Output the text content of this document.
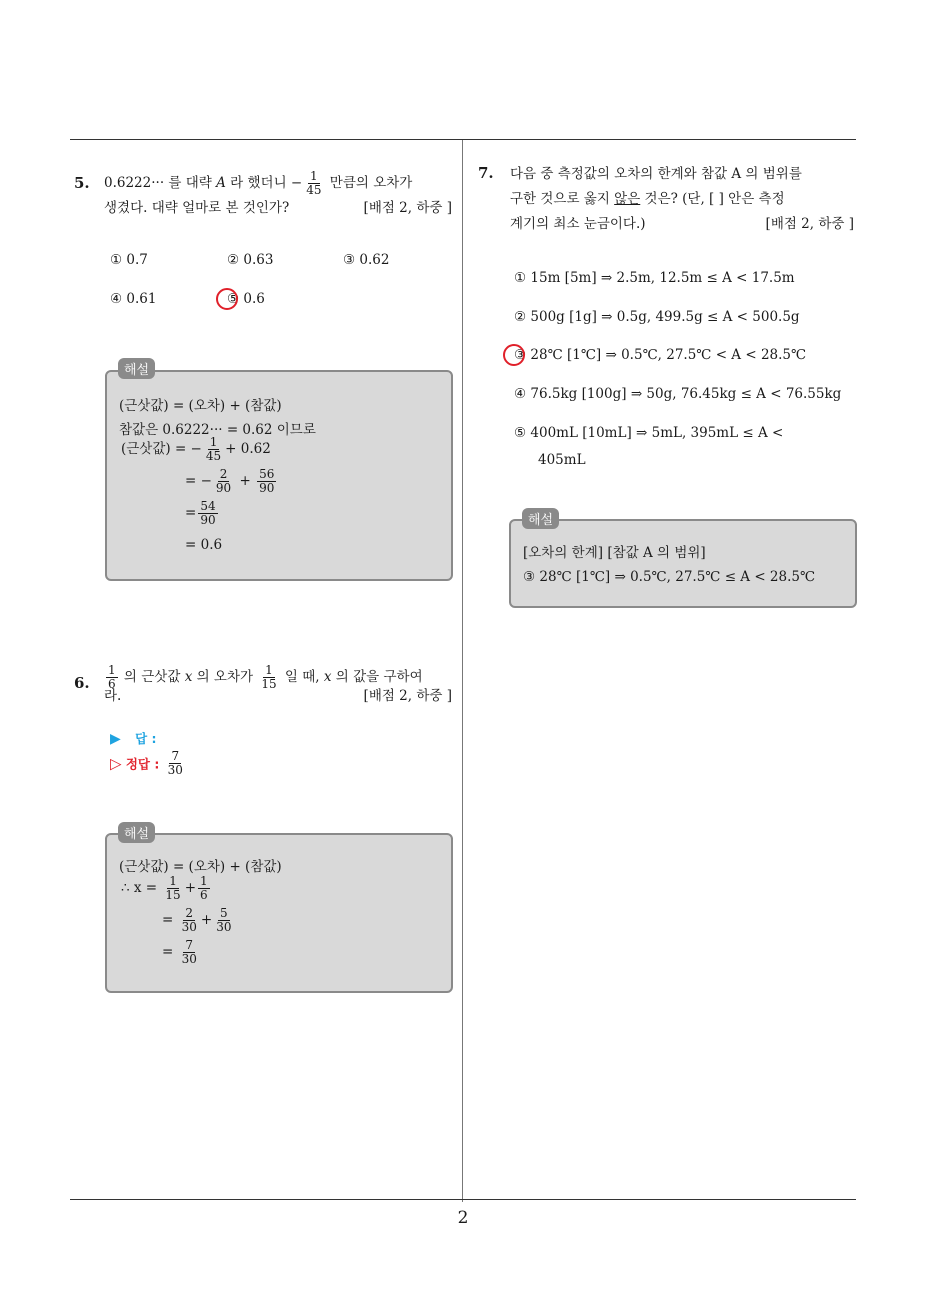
2
5. 0.6222··· 를 대략 A 라 했더니 − $\frac{1}{45}$ 만큼의 오차가
생겼다. 대략 얼마로 본 것인가?	[배점 2, 하중 ]
① 0.7	② 0.63	③ 0.62
④ 0.61	⑤ 0.6
(근삿값) = (오차) + (참값)
참값은 0.6222··· = 0.62̇ 이므로
(근삿값) = − $\frac{1}{45}$ + 0.62̇
= − $\frac{2}{90} + \frac{56}{90}$
= $\frac{54}{90}$
= 0.6
해설
6. $\frac{1}{6}$ 의 근삿값 x 의 오차가 $\frac{1}{15}$ 일 때, x 의 값을 구하여
라.	[배점 2, 하중 ]
▶ 답 :
▷ 정답 : $\frac{7}{30}$
(근삿값) = (오차) + (참값)
∴ $x = \frac{1}{15} + \frac{1}{6}$
= $\frac{2}{30} + \frac{5}{30}$
= $\frac{7}{30}$
해설
7. 다음 중 측정값의 오차의 한계와 참값 A 의 범위를
구한 것으로 옳지 않은 것은? (단, [ ] 안은 측정
계기의 최소 눈금이다.)	[배점 2, 하중 ]
① 15m [5m] ⇒ 2.5m, 12.5m ≤ A < 17.5m
② 500g [1g] ⇒ 0.5g, 499.5g ≤ A < 500.5g
③ 28℃ [1℃] ⇒ 0.5℃, 27.5℃ < A < 28.5℃
④ 76.5kg [100g] ⇒ 50g, 76.45kg ≤ A < 76.55kg
⑤ 400mL [10mL] ⇒ 5mL, 395mL ≤ A <
405mL
[오차의 한계] [참값 A 의 범위]
③ 28℃ [1℃] ⇒ 0.5℃, 27.5℃ ≤ A < 28.5℃
해설
